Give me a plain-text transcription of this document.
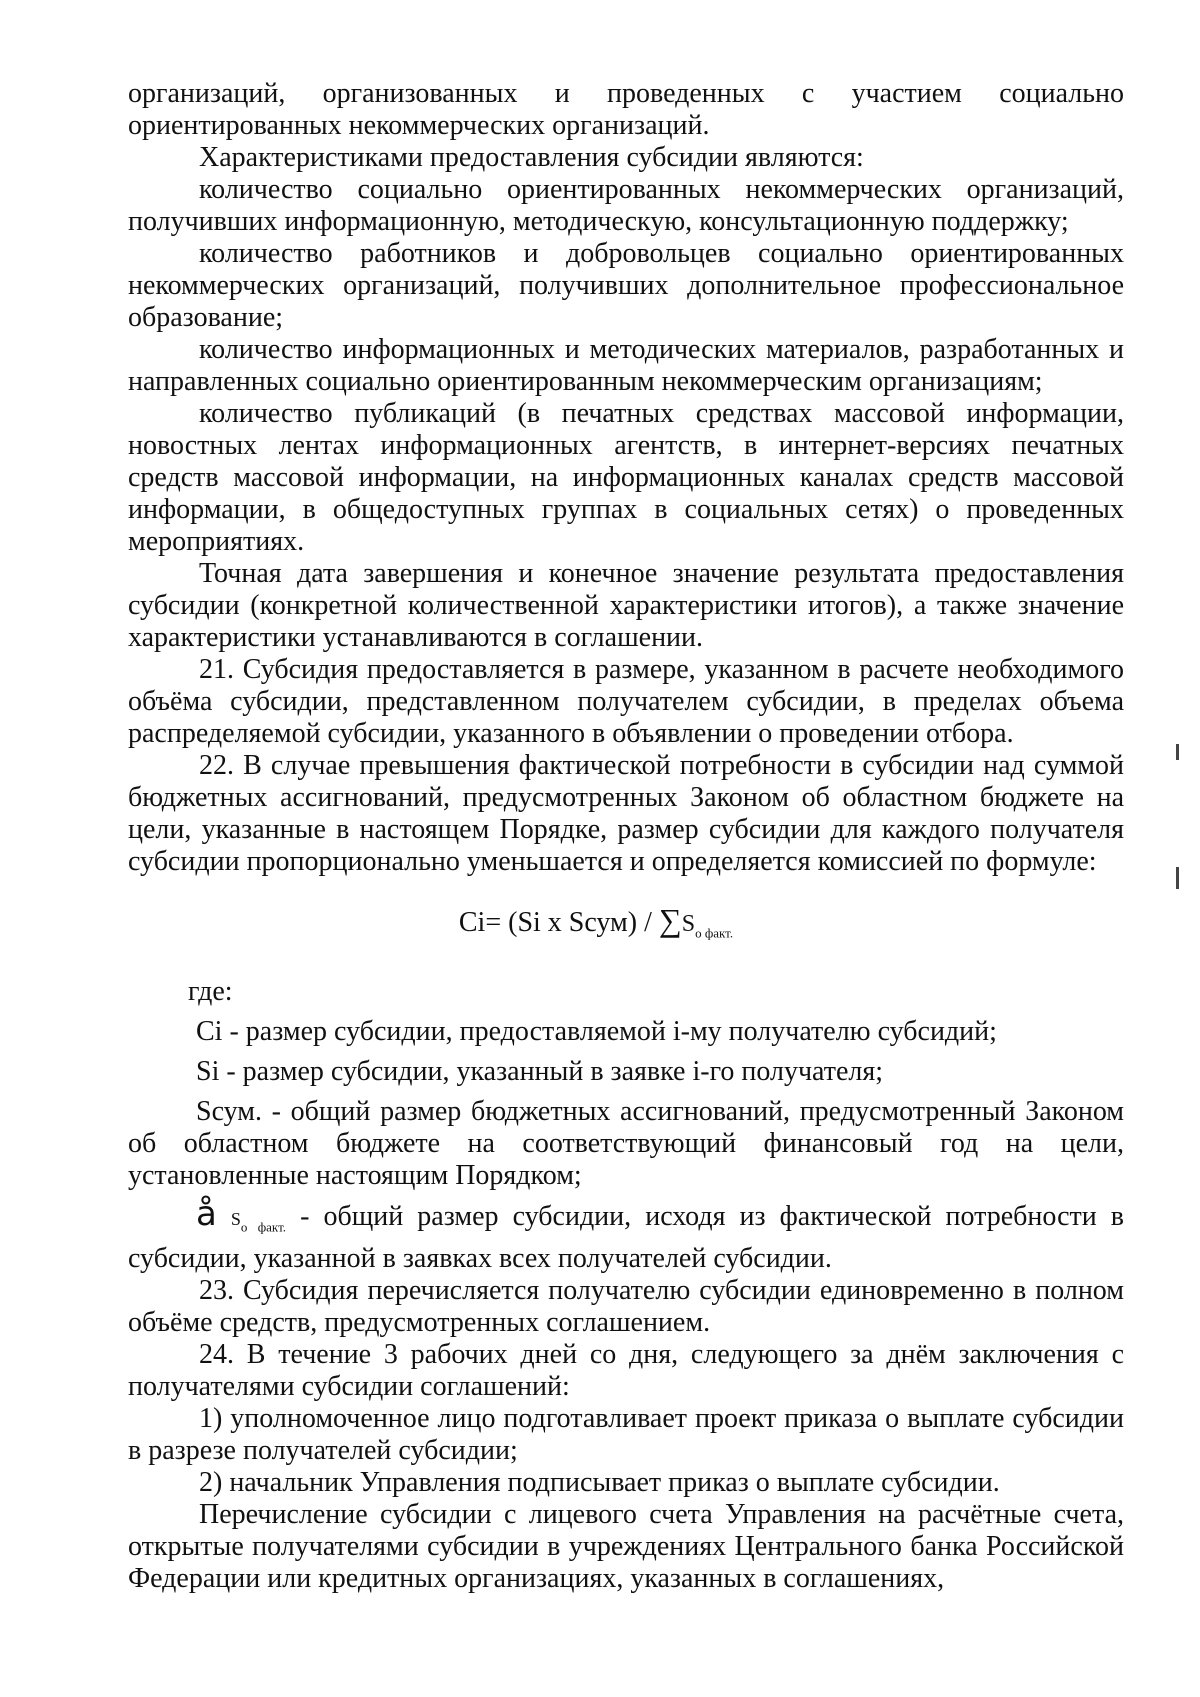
организаций, организованных и проведенных с участием социально ориентированных некоммерческих организаций.

Характеристиками предоставления субсидии являются:

количество социально ориентированных некоммерческих организаций, получивших информационную, методическую, консультационную поддержку;

количество работников и добровольцев социально ориентированных некоммерческих организаций, получивших дополнительное профессиональное образование;

количество информационных и методических материалов, разработанных и направленных социально ориентированным некоммерческим организациям;

количество публикаций (в печатных средствах массовой информации, новостных лентах информационных агентств, в интернет-версиях печатных средств массовой информации, на информационных каналах средств массовой информации, в общедоступных группах в социальных сетях) о проведенных мероприятиях.

Точная дата завершения и конечное значение результата предоставления субсидии (конкретной количественной характеристики итогов), а также значение характеристики устанавливаются в соглашении.

21. Субсидия предоставляется в размере, указанном в расчете необходимого объёма субсидии, представленном получателем субсидии, в пределах объема распределяемой субсидии, указанного в объявлении о проведении отбора.

22. В случае превышения фактической потребности в субсидии над суммой бюджетных ассигнований, предусмотренных Законом об областном бюджете на цели, указанные в настоящем Порядке, размер субсидии для каждого получателя субсидии пропорционально уменьшается и определяется комиссией по формуле:

Ci= (Si x Sсум) / $\sum S_{о факт.}$

где:

Ci - размер субсидии, предоставляемой i-му получателю субсидий;

Si - размер субсидии, указанный в заявке i-го получателя;

Sсум. - общий размер бюджетных ассигнований, предусмотренный Законом об областном бюджете на соответствующий финансовый год на цели, установленные настоящим Порядком;

å $S_{о факт.}$ - общий размер субсидии, исходя из фактической потребности в субсидии, указанной в заявках всех получателей субсидии.

23. Субсидия перечисляется получателю субсидии единовременно в полном объёме средств, предусмотренных соглашением.

24. В течение 3 рабочих дней со дня, следующего за днём заключения с получателями субсидии соглашений:

1) уполномоченное лицо подготавливает проект приказа о выплате субсидии в разрезе получателей субсидии;

2) начальник Управления подписывает приказ о выплате субсидии.

Перечисление субсидии с лицевого счета Управления на расчётные счета, открытые получателями субсидии в учреждениях Центрального банка Российской Федерации или кредитных организациях, указанных в соглашениях,
